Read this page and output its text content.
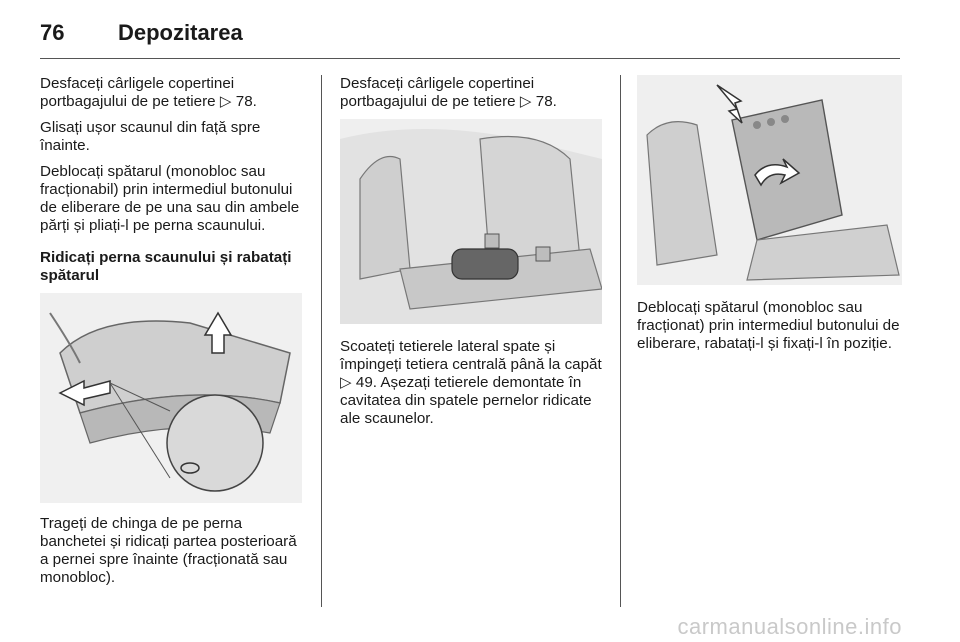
76 Depozitarea

Desfaceți cârligele copertinei portbagajului de pe tetiere ▷ 78.

Glisați ușor scaunul din față spre înainte.

Deblocați spătarul (monobloc sau fracționabil) prin intermediul butonului de eliberare de pe una sau din ambele părți și pliați-l pe perna scaunului.

Ridicați perna scaunului și rabatați spătarul

Trageți de chinga de pe perna banchetei și ridicați partea posterioară a pernei spre înainte (fracționată sau monobloc).

Desfaceți cârligele copertinei portbagajului de pe tetiere ▷ 78.

Scoateți tetierele lateral spate și împingeți tetiera centrală până la capăt ▷ 49. Așezați tetierele demontate în cavitatea din spatele pernelor ridicate ale scaunelor.

Deblocați spătarul (monobloc sau fracționat) prin intermediul butonului de eliberare, rabatați-l și fixați-l în poziție.

carmanualsonline.info
